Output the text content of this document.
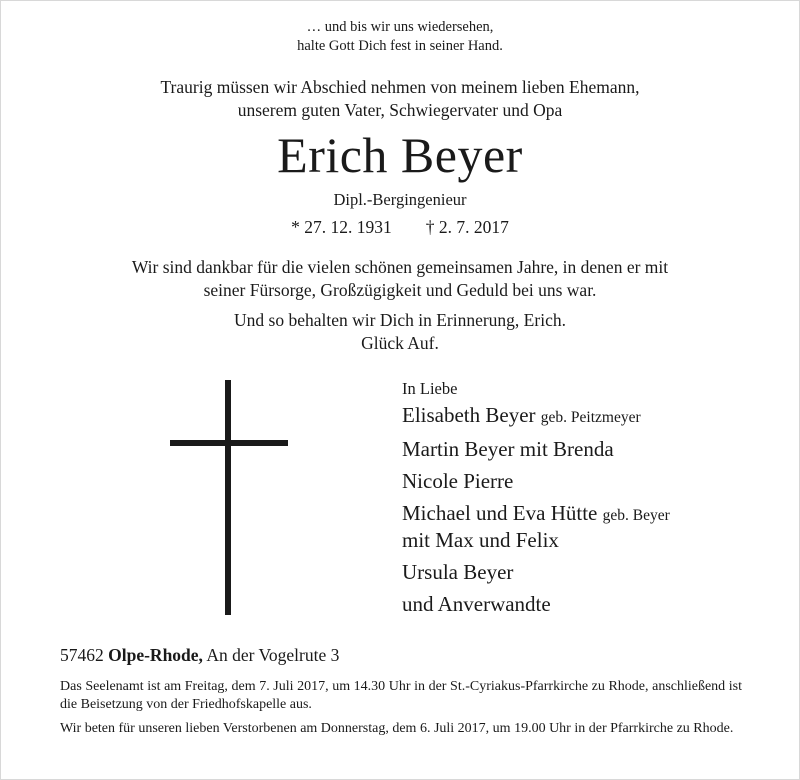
… und bis wir uns wiedersehen,
halte Gott Dich fest in seiner Hand.
Traurig müssen wir Abschied nehmen von meinem lieben Ehemann,
unserem guten Vater, Schwiegervater und Opa
Erich Beyer
Dipl.-Bergingenieur
* 27. 12. 1931 † 2. 7. 2017
Wir sind dankbar für die vielen schönen gemeinsamen Jahre, in denen er mit
seiner Fürsorge, Großzügigkeit und Geduld bei uns war.
Und so behalten wir Dich in Erinnerung, Erich.
Glück Auf.
In Liebe
Elisabeth Beyer geb. Peitzmeyer
Martin Beyer mit Brenda
Nicole Pierre
Michael und Eva Hütte geb. Beyer
mit Max und Felix
Ursula Beyer
und Anverwandte
57462 Olpe-Rhode, An der Vogelrute 3
Das Seelenamt ist am Freitag, dem 7. Juli 2017, um 14.30 Uhr in der St.-Cyriakus-Pfarrkirche zu Rhode, anschließend ist die Beisetzung von der Friedhofskapelle aus.
Wir beten für unseren lieben Verstorbenen am Donnerstag, dem 6. Juli 2017, um 19.00 Uhr in der Pfarrkirche zu Rhode.
